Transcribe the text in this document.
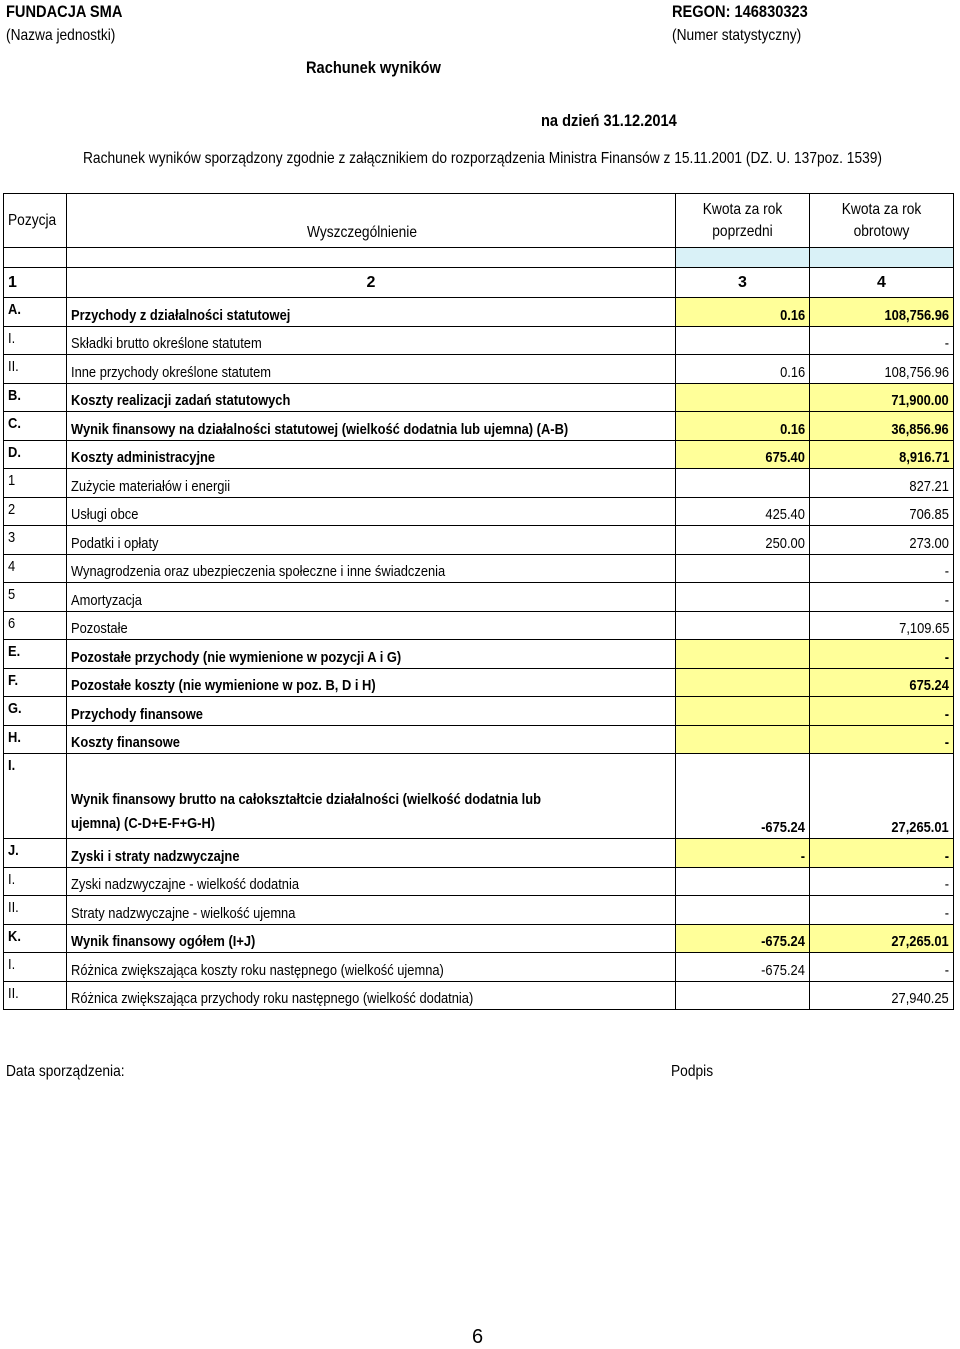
FUNDACJA SMA
(Nazwa jednostki)
REGON: 146830323
(Numer statystyczny)
Rachunek wyników
na dzień 31.12.2014
Rachunek wyników sporządzony zgodnie z załącznikiem do rozporządzenia Ministra Finansów z 15.11.2001 (DZ. U. 137poz. 1539)
Pozycja	Wyszczególnienie	Kwota za rok poprzedni	Kwota za rok obrotowy

1	2	3	4
A.	Przychody z działalności statutowej	0.16	108,756.96
I.	Składki brutto określone statutem		-
II.	Inne przychody określone statutem	0.16	108,756.96
B.	Koszty realizacji zadań statutowych		71,900.00
C.	Wynik finansowy na działalności statutowej (wielkość dodatnia lub ujemna) (A-B)	0.16	36,856.96
D.	Koszty administracyjne	675.40	8,916.71
1	Zużycie materiałów i energii		827.21
2	Usługi obce	425.40	706.85
3	Podatki i opłaty	250.00	273.00
4	Wynagrodzenia oraz ubezpieczenia społeczne i inne świadczenia		-
5	Amortyzacja		-
6	Pozostałe		7,109.65
E.	Pozostałe przychody (nie wymienione w pozycji A i G)		-
F.	Pozostałe koszty (nie wymienione w poz. B, D i H)		675.24
G.	Przychody finansowe		-
H.	Koszty finansowe		-
I.	Wynik finansowy brutto na całokształtcie działalności (wielkość dodatnia lub ujemna) (C-D+E-F+G-H)	-675.24	27,265.01
J.	Zyski i straty nadzwyczajne	-	-
I.	Zyski nadzwyczajne - wielkość dodatnia		-
II.	Straty nadzwyczajne - wielkość ujemna		-
K.	Wynik finansowy ogółem (I+J)	-675.24	27,265.01
I.	Różnica zwiększająca koszty roku następnego (wielkość ujemna)	-675.24	-
II.	Różnica zwiększająca przychody roku następnego (wielkość dodatnia)		27,940.25
Data sporządzenia:	Podpis
6
